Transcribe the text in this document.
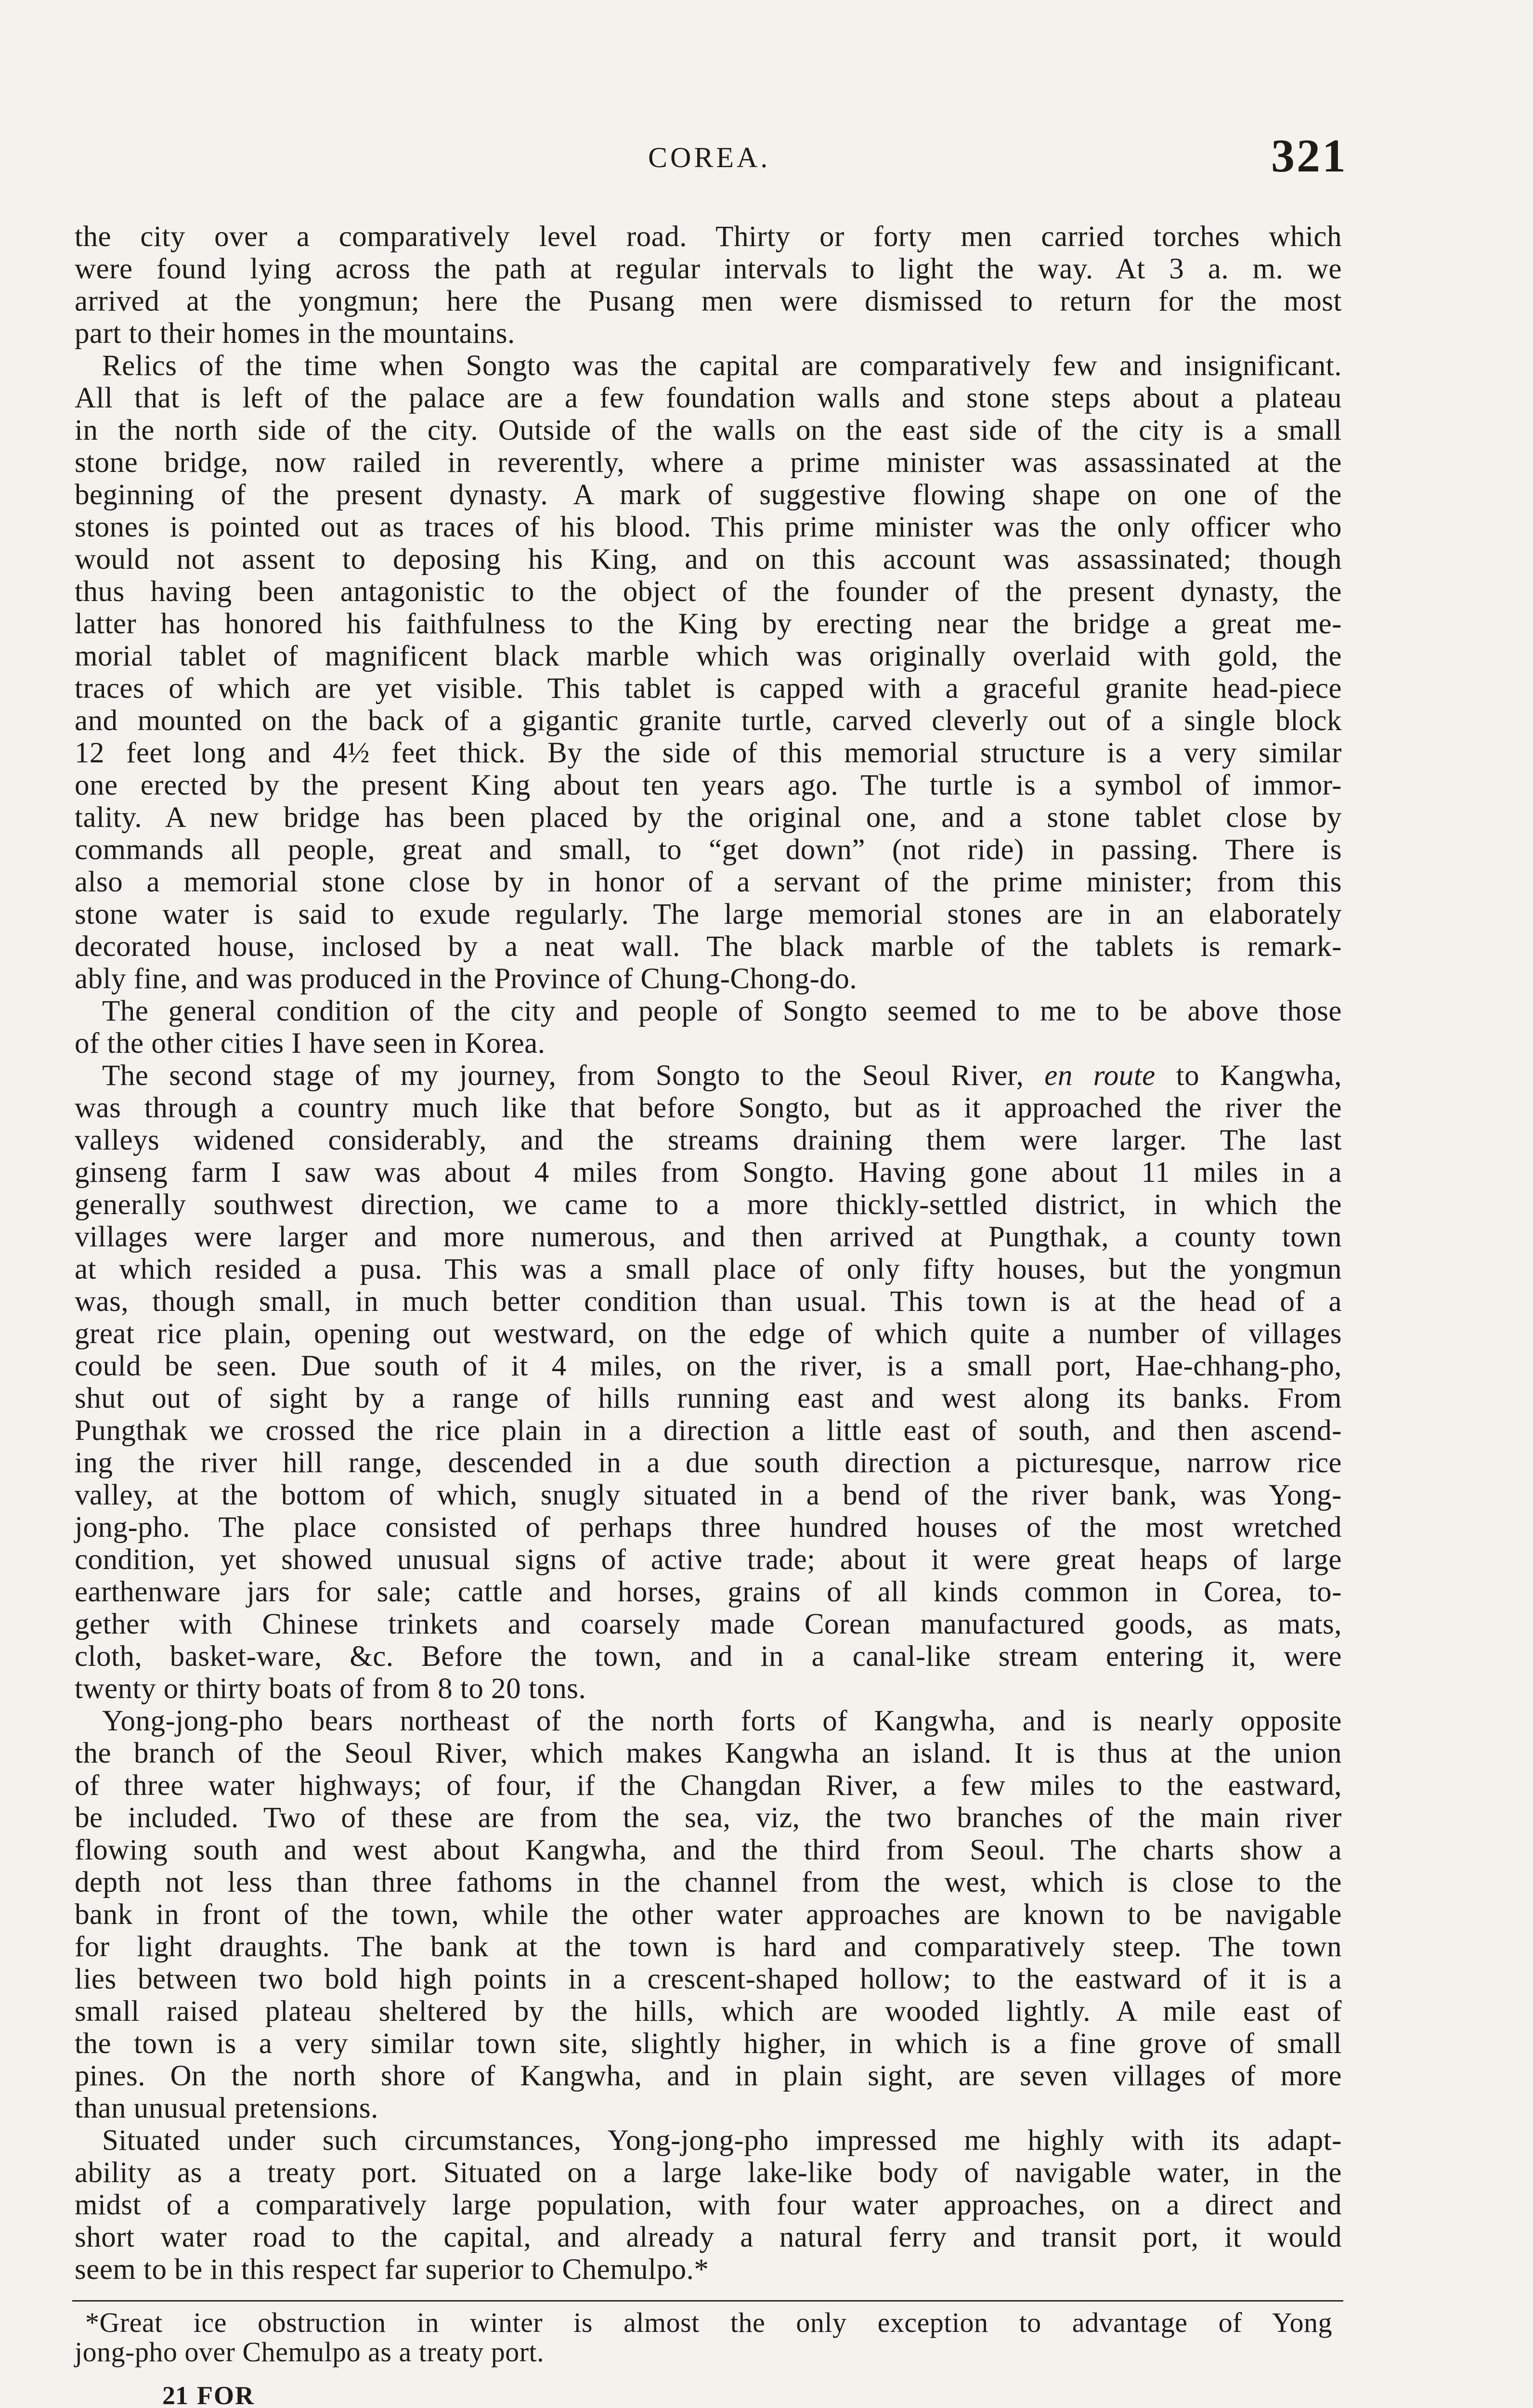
COREA.	321
the city over a comparatively level road. Thirty or forty men carried torches which
were found lying across the path at regular intervals to light the way. At 3 a. m. we
arrived at the yongmun; here the Pusang men were dismissed to return for the most
part to their homes in the mountains.
Relics of the time when Songto was the capital are comparatively few and insignificant.
All that is left of the palace are a few foundation walls and stone steps about a plateau
in the north side of the city. Outside of the walls on the east side of the city is a small
stone bridge, now railed in reverently, where a prime minister was assassinated at the
beginning of the present dynasty. A mark of suggestive flowing shape on one of the
stones is pointed out as traces of his blood. This prime minister was the only officer who
would not assent to deposing his King, and on this account was assassinated; though
thus having been antagonistic to the object of the founder of the present dynasty, the
latter has honored his faithfulness to the King by erecting near the bridge a great me-
morial tablet of magnificent black marble which was originally overlaid with gold, the
traces of which are yet visible. This tablet is capped with a graceful granite head-piece
and mounted on the back of a gigantic granite turtle, carved cleverly out of a single block
12 feet long and 4½ feet thick. By the side of this memorial structure is a very similar
one erected by the present King about ten years ago. The turtle is a symbol of immor-
tality. A new bridge has been placed by the original one, and a stone tablet close by
commands all people, great and small, to “get down” (not ride) in passing. There is
also a memorial stone close by in honor of a servant of the prime minister; from this
stone water is said to exude regularly. The large memorial stones are in an elaborately
decorated house, inclosed by a neat wall. The black marble of the tablets is remark-
ably fine, and was produced in the Province of Chung-Chong-do.
The general condition of the city and people of Songto seemed to me to be above those
of the other cities I have seen in Korea.
The second stage of my journey, from Songto to the Seoul River, en route to Kangwha,
was through a country much like that before Songto, but as it approached the river the
valleys widened considerably, and the streams draining them were larger. The last
ginseng farm I saw was about 4 miles from Songto. Having gone about 11 miles in a
generally southwest direction, we came to a more thickly-settled district, in which the
villages were larger and more numerous, and then arrived at Pungthak, a county town
at which resided a pusa. This was a small place of only fifty houses, but the yongmun
was, though small, in much better condition than usual. This town is at the head of a
great rice plain, opening out westward, on the edge of which quite a number of villages
could be seen. Due south of it 4 miles, on the river, is a small port, Hae-chhang-pho,
shut out of sight by a range of hills running east and west along its banks. From
Pungthak we crossed the rice plain in a direction a little east of south, and then ascend-
ing the river hill range, descended in a due south direction a picturesque, narrow rice
valley, at the bottom of which, snugly situated in a bend of the river bank, was Yong-
jong-pho. The place consisted of perhaps three hundred houses of the most wretched
condition, yet showed unusual signs of active trade; about it were great heaps of large
earthenware jars for sale; cattle and horses, grains of all kinds common in Corea, to-
gether with Chinese trinkets and coarsely made Corean manufactured goods, as mats,
cloth, basket-ware, &c. Before the town, and in a canal-like stream entering it, were
twenty or thirty boats of from 8 to 20 tons.
Yong-jong-pho bears northeast of the north forts of Kangwha, and is nearly opposite
the branch of the Seoul River, which makes Kangwha an island. It is thus at the union
of three water highways; of four, if the Changdan River, a few miles to the eastward,
be included. Two of these are from the sea, viz, the two branches of the main river
flowing south and west about Kangwha, and the third from Seoul. The charts show a
depth not less than three fathoms in the channel from the west, which is close to the
bank in front of the town, while the other water approaches are known to be navigable
for light draughts. The bank at the town is hard and comparatively steep. The town
lies between two bold high points in a crescent-shaped hollow; to the eastward of it is a
small raised plateau sheltered by the hills, which are wooded lightly. A mile east of
the town is a very similar town site, slightly higher, in which is a fine grove of small
pines. On the north shore of Kangwha, and in plain sight, are seven villages of more
than unusual pretensions.
Situated under such circumstances, Yong-jong-pho impressed me highly with its adapt-
ability as a treaty port. Situated on a large lake-like body of navigable water, in the
midst of a comparatively large population, with four water approaches, on a direct and
short water road to the capital, and already a natural ferry and transit port, it would
seem to be in this respect far superior to Chemulpo.*
*Great ice obstruction in winter is almost the only exception to advantage of Yong
jong-pho over Chemulpo as a treaty port.
21 FOR
